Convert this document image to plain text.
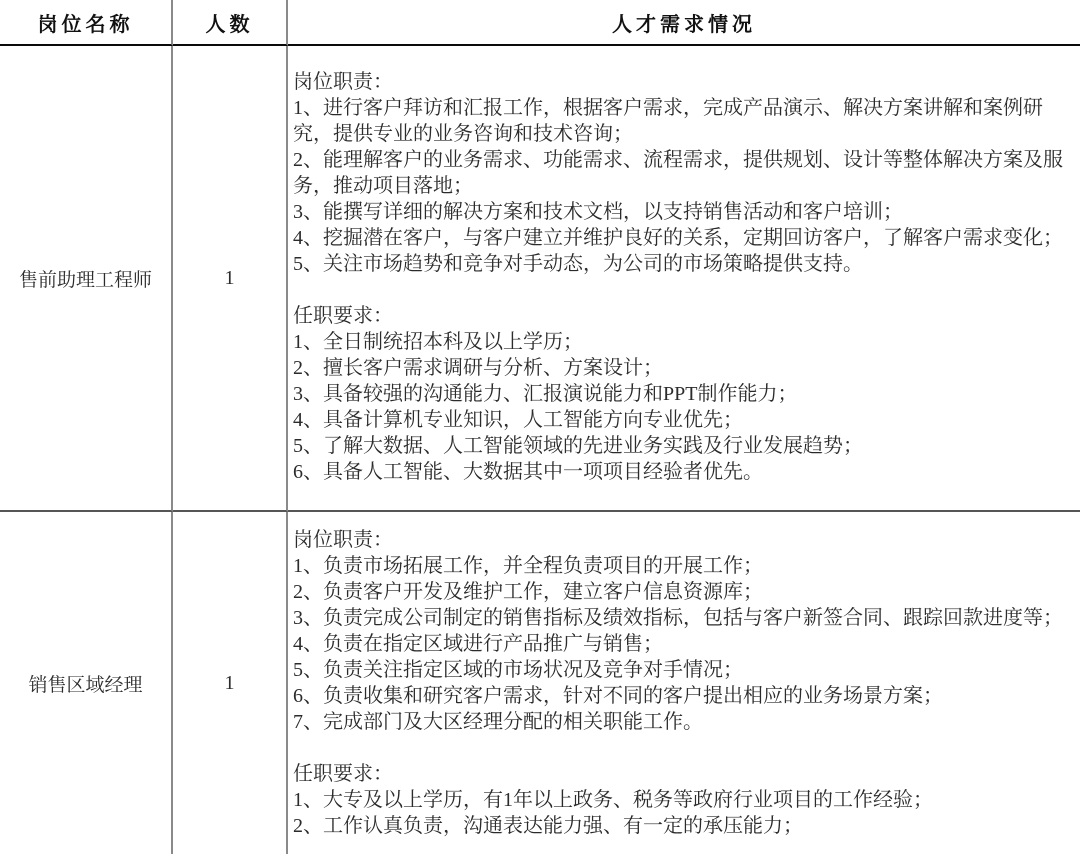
岗位名称	人数	人才需求情况
售前助理工程师	1
岗位职责：
1、进行客户拜访和汇报工作，根据客户需求，完成产品演示、解决方案讲解和案例研究，提供专业的业务咨询和技术咨询；
2、能理解客户的业务需求、功能需求、流程需求，提供规划、设计等整体解决方案及服务，推动项目落地；
3、能撰写详细的解决方案和技术文档，以支持销售活动和客户培训；
4、挖掘潜在客户，与客户建立并维护良好的关系，定期回访客户，了解客户需求变化；
5、关注市场趋势和竞争对手动态，为公司的市场策略提供支持。
任职要求：
1、全日制统招本科及以上学历；
2、擅长客户需求调研与分析、方案设计；
3、具备较强的沟通能力、汇报演说能力和PPT制作能力；
4、具备计算机专业知识，人工智能方向专业优先；
5、了解大数据、人工智能领域的先进业务实践及行业发展趋势；
6、具备人工智能、大数据其中一项项目经验者优先。
销售区域经理	1
岗位职责：
1、负责市场拓展工作，并全程负责项目的开展工作；
2、负责客户开发及维护工作，建立客户信息资源库；
3、负责完成公司制定的销售指标及绩效指标，包括与客户新签合同、跟踪回款进度等；
4、负责在指定区域进行产品推广与销售；
5、负责关注指定区域的市场状况及竞争对手情况；
6、负责收集和研究客户需求，针对不同的客户提出相应的业务场景方案；
7、完成部门及大区经理分配的相关职能工作。
任职要求：
1、大专及以上学历，有1年以上政务、税务等政府行业项目的工作经验；
2、工作认真负责，沟通表达能力强、有一定的承压能力；
